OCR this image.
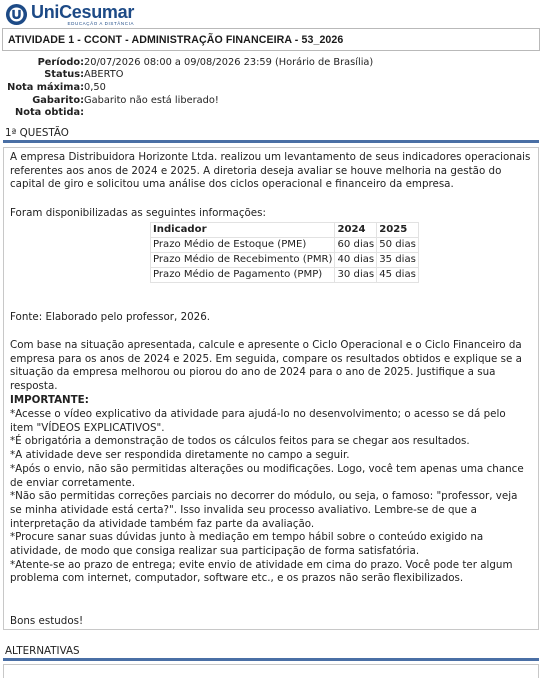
UniCesumar
EDUCAÇÃO A DISTÂNCIA
ATIVIDADE 1 - CCONT - ADMINISTRAÇÃO FINANCEIRA - 53_2026
Período: 20/07/2026 08:00 a 09/08/2026 23:59 (Horário de Brasília)
Status: ABERTO
Nota máxima: 0,50
Gabarito: Gabarito não está liberado!
Nota obtida:
1ª QUESTÃO

A empresa Distribuidora Horizonte Ltda. realizou um levantamento de seus indicadores operacionais referentes aos anos de 2024 e 2025. A diretoria deseja avaliar se houve melhoria na gestão do capital de giro e solicitou uma análise dos ciclos operacional e financeiro da empresa.

Foram disponibilizadas as seguintes informações:

Indicador	2024	2025
Prazo Médio de Estoque (PME)	60 dias	50 dias
Prazo Médio de Recebimento (PMR)	40 dias	35 dias
Prazo Médio de Pagamento (PMP)	30 dias	45 dias

Fonte: Elaborado pelo professor, 2026.

Com base na situação apresentada, calcule e apresente o Ciclo Operacional e o Ciclo Financeiro da empresa para os anos de 2024 e 2025. Em seguida, compare os resultados obtidos e explique se a situação da empresa melhorou ou piorou do ano de 2024 para o ano de 2025. Justifique a sua resposta.

IMPORTANTE:

*Acesse o vídeo explicativo da atividade para ajudá-lo no desenvolvimento; o acesso se dá pelo item "VÍDEOS EXPLICATIVOS".

*É obrigatória a demonstração de todos os cálculos feitos para se chegar aos resultados.

*A atividade deve ser respondida diretamente no campo a seguir.

*Após o envio, não são permitidas alterações ou modificações. Logo, você tem apenas uma chance de enviar corretamente.

*Não são permitidas correções parciais no decorrer do módulo, ou seja, o famoso: "professor, veja se minha atividade está certa?". Isso invalida seu processo avaliativo. Lembre-se de que a interpretação da atividade também faz parte da avaliação.

*Procure sanar suas dúvidas junto à mediação em tempo hábil sobre o conteúdo exigido na atividade, de modo que consiga realizar sua participação de forma satisfatória.

*Atente-se ao prazo de entrega; evite envio de atividade em cima do prazo. Você pode ter algum problema com internet, computador, software etc., e os prazos não serão flexibilizados.

Bons estudos!

ALTERNATIVAS
